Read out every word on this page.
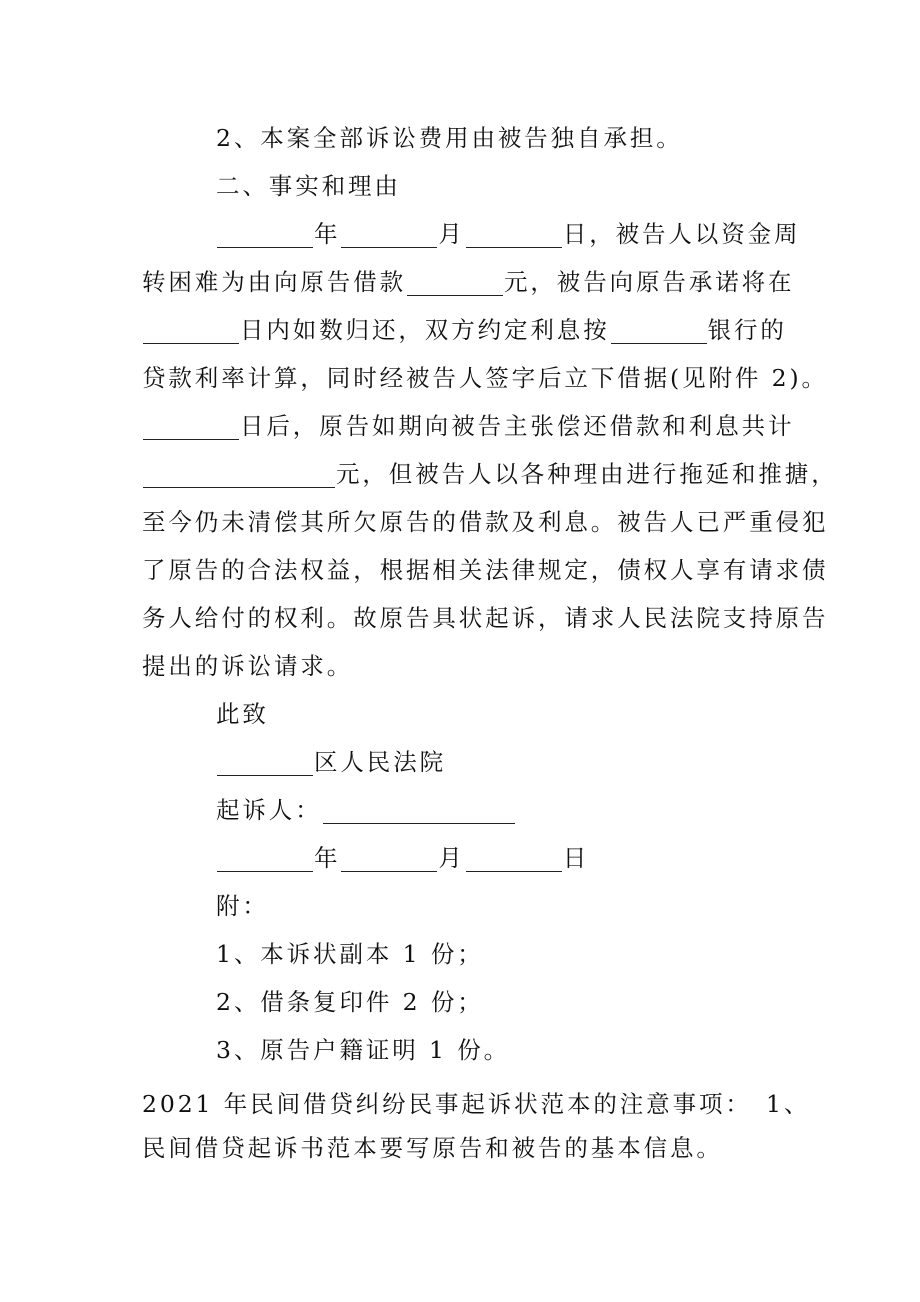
2、本案全部诉讼费用由被告独自承担。
二、事实和理由
年	月	日，被告人以资金周
转困难为由向原告借款	元，被告向原告承诺将在
日内如数归还，双方约定利息按	银行的
贷款利率计算，同时经被告人签字后立下借据(见附件 2)。
日后，原告如期向被告主张偿还借款和利息共计
元，但被告人以各种理由进行拖延和推搪，
至今仍未清偿其所欠原告的借款及利息。被告人已严重侵犯
了原告的合法权益，根据相关法律规定，债权人享有请求债
务人给付的权利。故原告具状起诉，请求人民法院支持原告
提出的诉讼请求。
此致
区人民法院
起诉人：
年	月	日
附：
1、本诉状副本 1 份；
2、借条复印件 2 份；
3、原告户籍证明 1 份。
2021 年民间借贷纠纷民事起诉状范本的注意事项： 1、
民间借贷起诉书范本要写原告和被告的基本信息。
